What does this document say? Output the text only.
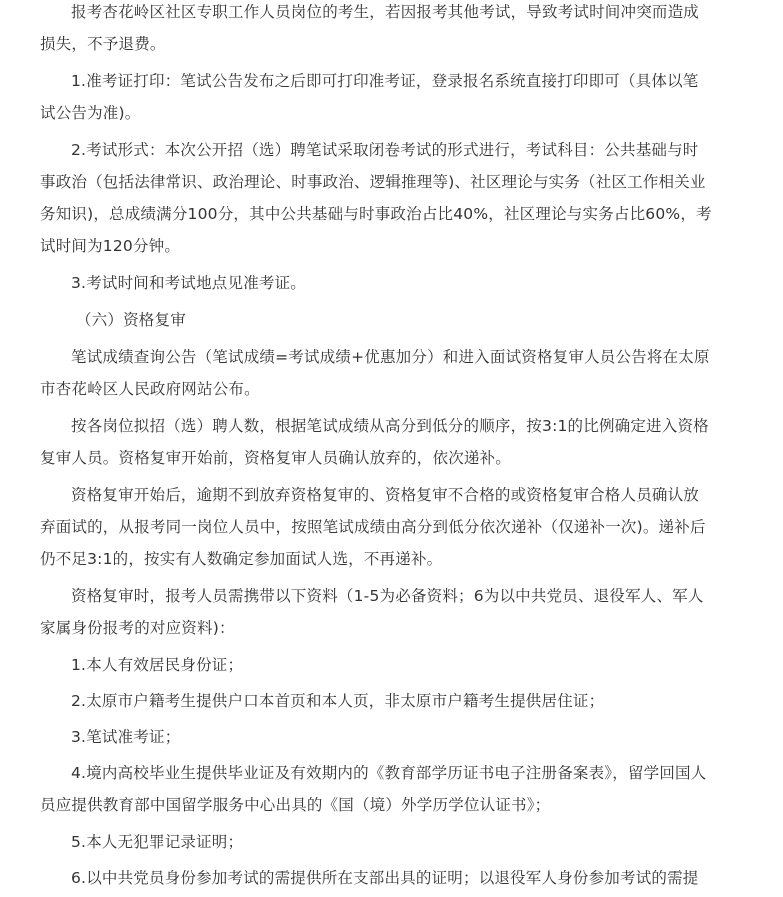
报考杏花岭区社区专职工作人员岗位的考生，若因报考其他考试，导致考试时间冲突而造成损失，不予退费。

1.准考证打印：笔试公告发布之后即可打印准考证，登录报名系统直接打印即可（具体以笔试公告为准)。

2.考试形式：本次公开招（选）聘笔试采取闭卷考试的形式进行，考试科目：公共基础与时事政治（包括法律常识、政治理论、时事政治、逻辑推理等)、社区理论与实务（社区工作相关业务知识)，总成绩满分100分，其中公共基础与时事政治占比40%，社区理论与实务占比60%，考试时间为120分钟。

3.考试时间和考试地点见准考证。

（六）资格复审

笔试成绩查询公告（笔试成绩=考试成绩+优惠加分）和进入面试资格复审人员公告将在太原市杏花岭区人民政府网站公布。

按各岗位拟招（选）聘人数，根据笔试成绩从高分到低分的顺序，按3:1的比例确定进入资格复审人员。资格复审开始前，资格复审人员确认放弃的，依次递补。

资格复审开始后，逾期不到放弃资格复审的、资格复审不合格的或资格复审合格人员确认放弃面试的，从报考同一岗位人员中，按照笔试成绩由高分到低分依次递补（仅递补一次)。递补后仍不足3:1的，按实有人数确定参加面试人选，不再递补。

资格复审时，报考人员需携带以下资料（1-5为必备资料；6为以中共党员、退役军人、军人家属身份报考的对应资料)：

1.本人有效居民身份证；

2.太原市户籍考生提供户口本首页和本人页，非太原市户籍考生提供居住证；

3.笔试准考证；

4.境内高校毕业生提供毕业证及有效期内的《教育部学历证书电子注册备案表》，留学回国人员应提供教育部中国留学服务中心出具的《国（境）外学历学位认证书》；

5.本人无犯罪记录证明；

6.以中共党员身份参加考试的需提供所在支部出具的证明；以退役军人身份参加考试的需提
